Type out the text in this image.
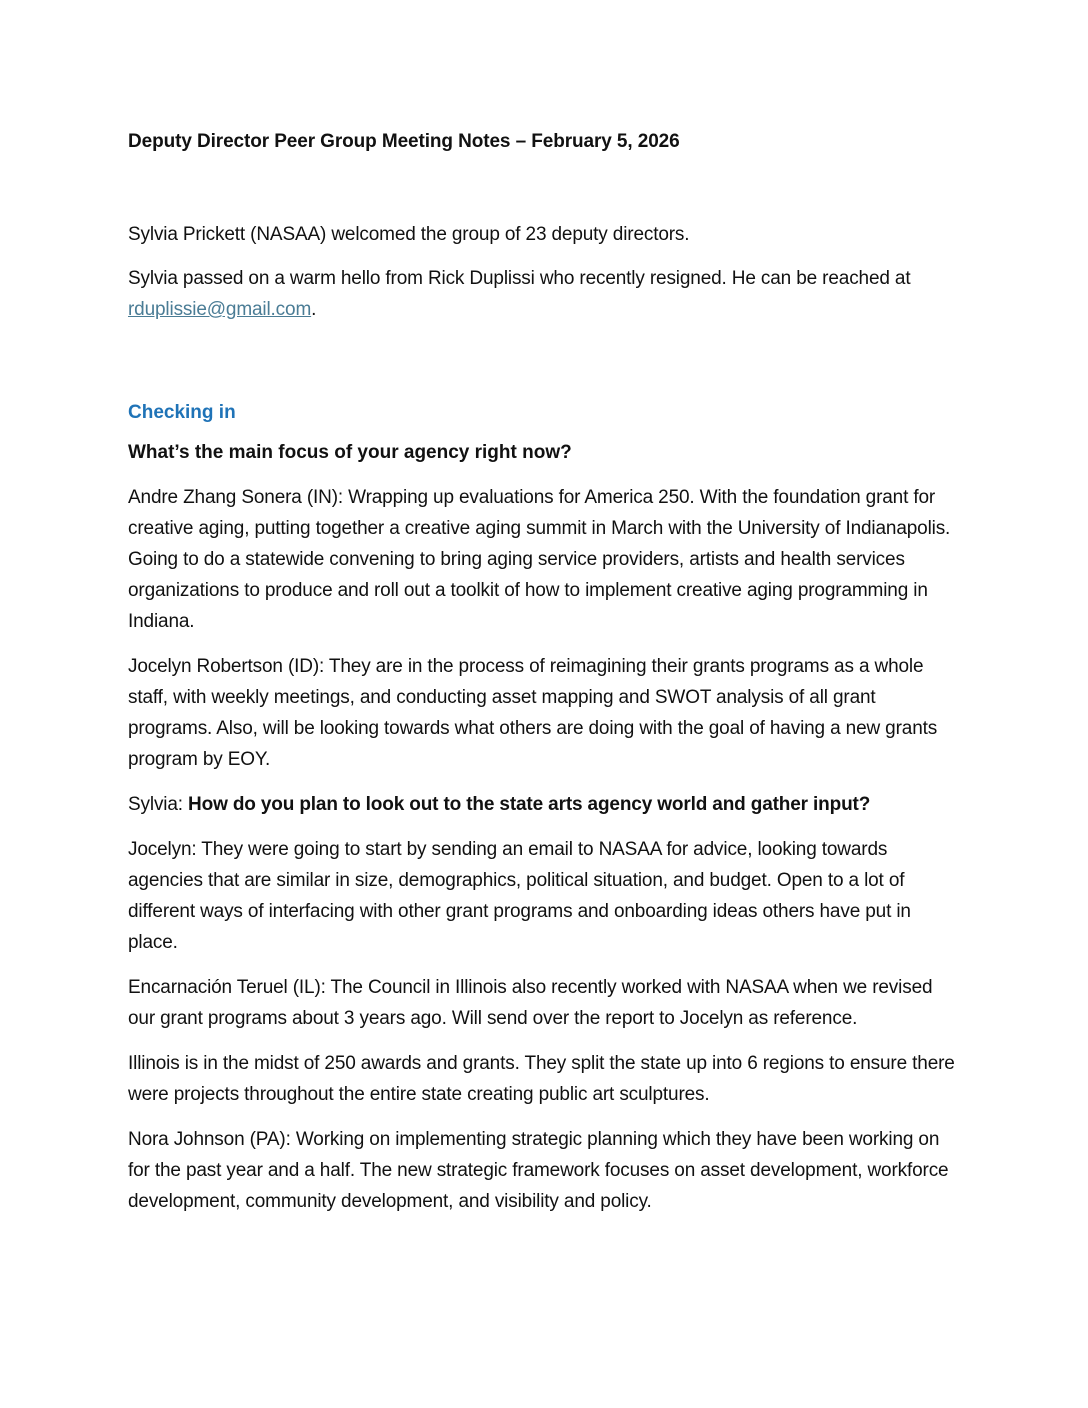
Deputy Director Peer Group Meeting Notes – February 5, 2026

Sylvia Prickett (NASAA) welcomed the group of 23 deputy directors.

Sylvia passed on a warm hello from Rick Duplissi who recently resigned. He can be reached at rduplissie@gmail.com.

Checking in
What’s the main focus of your agency right now?

Andre Zhang Sonera (IN): Wrapping up evaluations for America 250. With the foundation grant for creative aging, putting together a creative aging summit in March with the University of Indianapolis. Going to do a statewide convening to bring aging service providers, artists and health services organizations to produce and roll out a toolkit of how to implement creative aging programming in Indiana.

Jocelyn Robertson (ID): They are in the process of reimagining their grants programs as a whole staff, with weekly meetings, and conducting asset mapping and SWOT analysis of all grant programs. Also, will be looking towards what others are doing with the goal of having a new grants program by EOY.

Sylvia: How do you plan to look out to the state arts agency world and gather input?

Jocelyn: They were going to start by sending an email to NASAA for advice, looking towards agencies that are similar in size, demographics, political situation, and budget. Open to a lot of different ways of interfacing with other grant programs and onboarding ideas others have put in place.

Encarnación Teruel (IL): The Council in Illinois also recently worked with NASAA when we revised our grant programs about 3 years ago. Will send over the report to Jocelyn as reference.

Illinois is in the midst of 250 awards and grants. They split the state up into 6 regions to ensure there were projects throughout the entire state creating public art sculptures.

Nora Johnson (PA): Working on implementing strategic planning which they have been working on for the past year and a half. The new strategic framework focuses on asset development, workforce development, community development, and visibility and policy.
